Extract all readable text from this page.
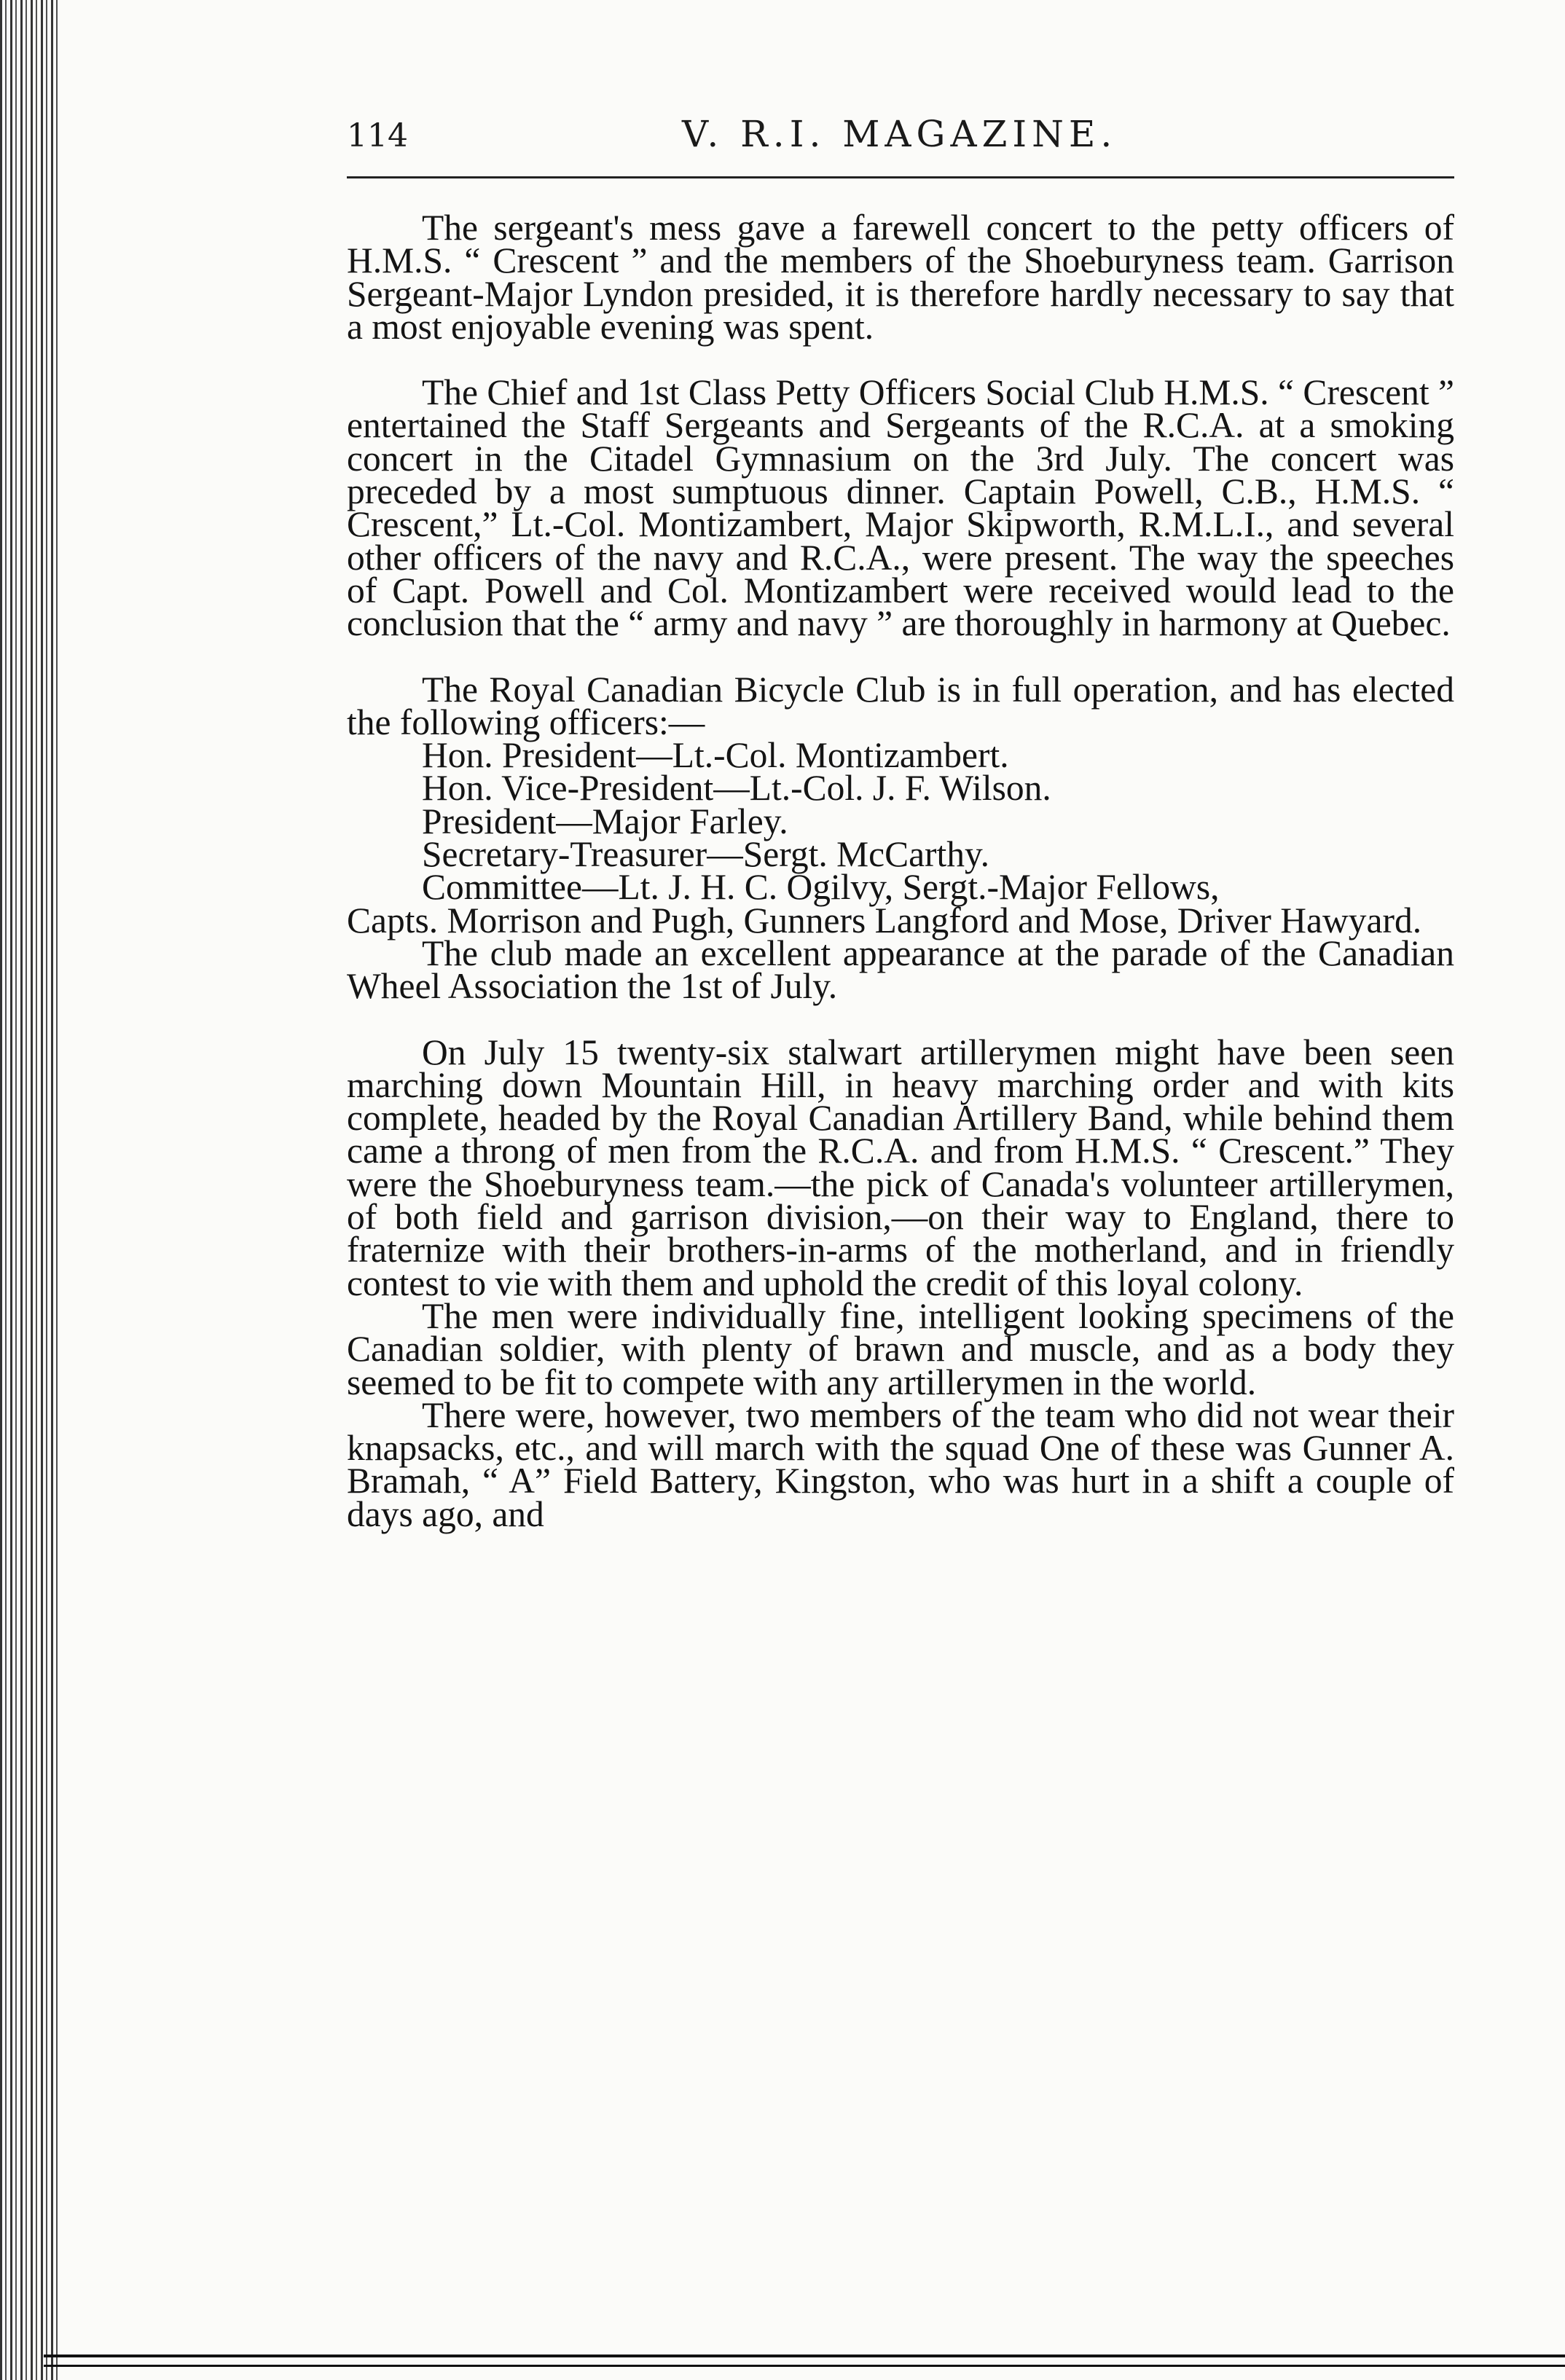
114	V. R.I. MAGAZINE.

The sergeant's mess gave a farewell concert to the petty officers of H.M.S. “ Crescent ” and the members of the Shoeburyness team. Garrison Sergeant-Major Lyndon presided, it is therefore hardly necessary to say that a most enjoyable evening was spent.

The Chief and 1st Class Petty Officers Social Club H.M.S. “ Crescent ” entertained the Staff Sergeants and Sergeants of the R.C.A. at a smoking concert in the Citadel Gymnasium on the 3rd July. The concert was preceded by a most sumptuous dinner. Captain Powell, C.B., H.M.S. “ Crescent,” Lt.-Col. Montizambert, Major Skipworth, R.M.L.I., and several other officers of the navy and R.C.A., were present. The way the speeches of Capt. Powell and Col. Montizambert were received would lead to the conclusion that the “ army and navy ” are thoroughly in harmony at Quebec.

The Royal Canadian Bicycle Club is in full operation, and has elected the following officers:—

Hon. President—Lt.-Col. Montizambert.

Hon. Vice-President—Lt.-Col. J. F. Wilson.

President—Major Farley.

Secretary-Treasurer—Sergt. McCarthy.

Committee—Lt. J. H. C. Ogilvy, Sergt.-Major Fellows,

Capts. Morrison and Pugh, Gunners Langford and Mose, Driver Hawyard.

The club made an excellent appearance at the parade of the Canadian Wheel Association the 1st of July.

On July 15 twenty-six stalwart artillerymen might have been seen marching down Mountain Hill, in heavy marching order and with kits complete, headed by the Royal Canadian Artillery Band, while behind them came a throng of men from the R.C.A. and from H.M.S. “ Crescent.” They were the Shoeburyness team.—the pick of Canada's volunteer artillerymen, of both field and garrison division,—on their way to England, there to fraternize with their brothers-in-arms of the motherland, and in friendly contest to vie with them and uphold the credit of this loyal colony.

The men were individually fine, intelligent looking specimens of the Canadian soldier, with plenty of brawn and muscle, and as a body they seemed to be fit to compete with any artillerymen in the world.

There were, however, two members of the team who did not wear their knapsacks, etc., and will march with the squad One of these was Gunner A. Bramah, “ A” Field Battery, Kingston, who was hurt in a shift a couple of days ago, and
